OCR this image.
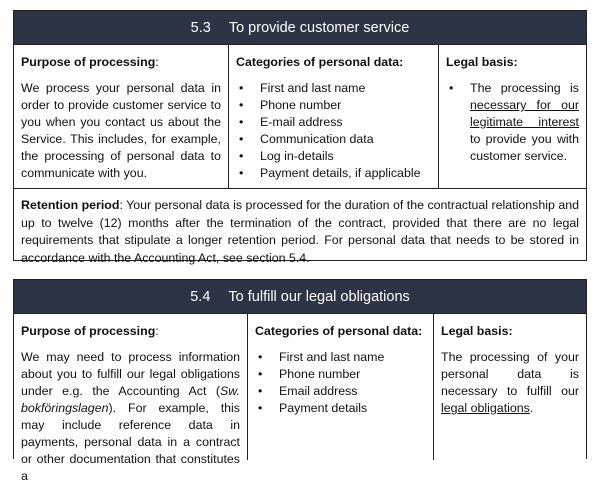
5.3 To provide customer service
Purpose of processing:

We process your personal data in order to provide customer service to you when you contact us about the Service. This includes, for example, the processing of personal data to communicate with you.

Categories of personal data:
• First and last name
• Phone number
• E-mail address
• Communication data
• Log in-details
• Payment details, if applicable
Legal basis:
• The processing is necessary for our legitimate interest to provide you with customer service.
Retention period: Your personal data is processed for the duration of the contractual relationship and up to twelve (12) months after the termination of the contract, provided that there are no legal requirements that stipulate a longer retention period. For personal data that needs to be stored in accordance with the Accounting Act, see section 5.4.
5.4 To fulfill our legal obligations
Purpose of processing:

We may need to process information about you to fulfill our legal obligations under e.g. the Accounting Act (Sw. bokföringslagen). For example, this may include reference data in payments, personal data in a contract or other documentation that constitutes a

Categories of personal data:
• First and last name
• Phone number
• Email address
• Payment details
Legal basis:

The processing of your personal data is necessary to fulfill our legal obligations.
